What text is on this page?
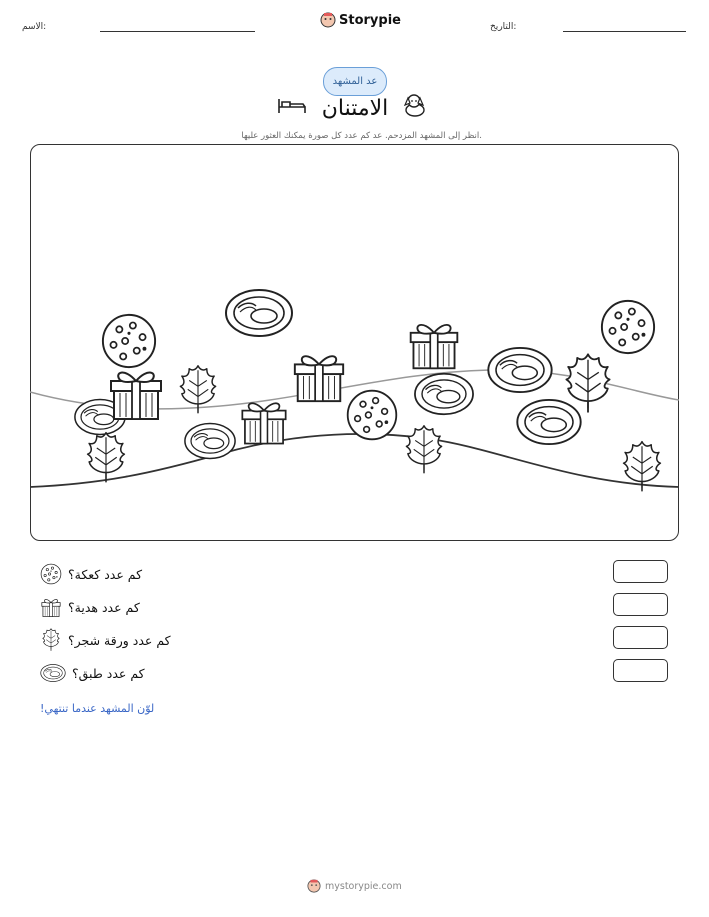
الاسم:	Storypie	التاريخ:
عد المشهد
الامتنان
انظر إلى المشهد المزدحم. عد كم عدد كل صورة يمكنك العثور عليها.
كم عدد كعكة؟
كم عدد هدية؟
كم عدد ورقة شجر؟
كم عدد طبق؟
لوّن المشهد عندما تنتهي!
mystorypie.com
